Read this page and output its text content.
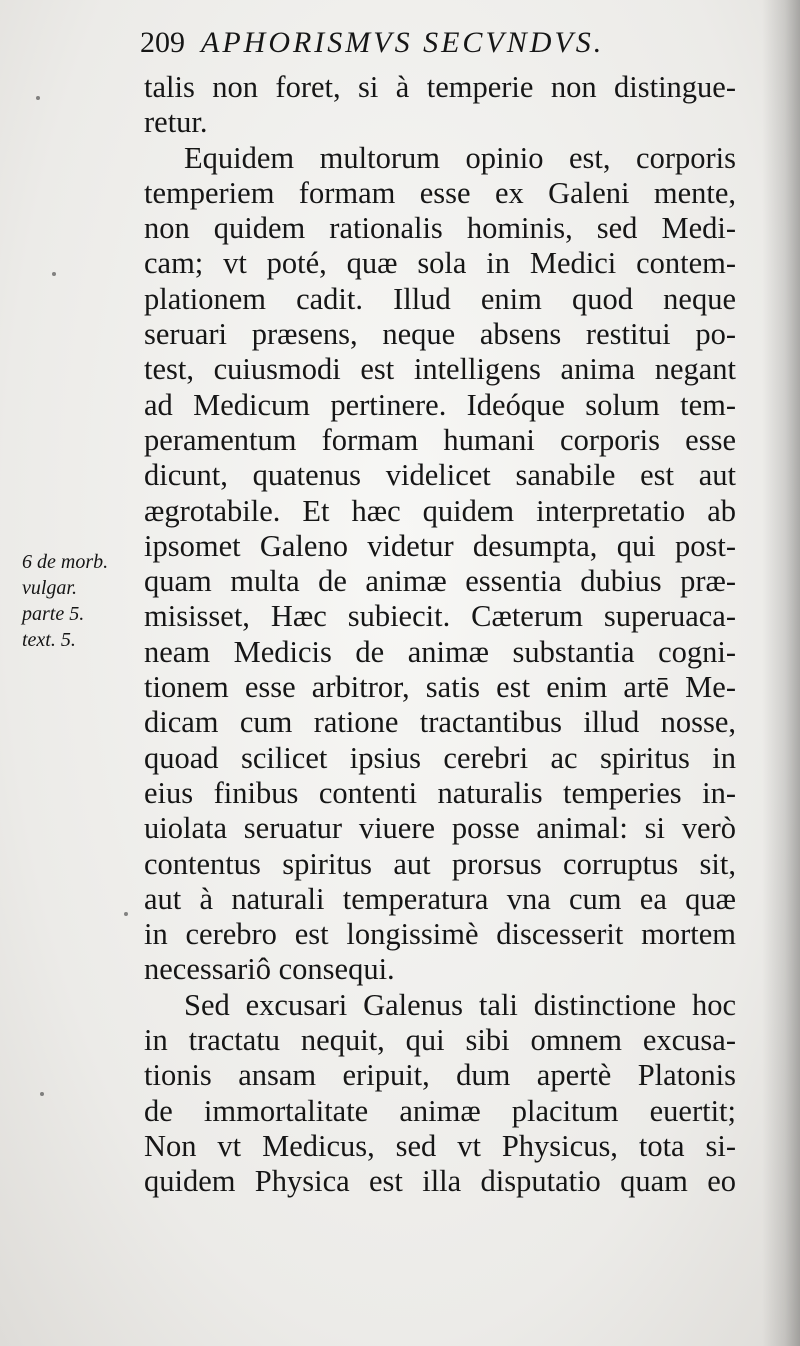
209 APHORISMVS SECVNDVS.
6 de morb.
vulgar.
parte 5.
text. 5.
talis non foret, si à temperie non distingue-
retur.
Equidem multorum opinio est, corporis
temperiem formam esse ex Galeni mente,
non quidem rationalis hominis, sed Medi-
cam; vt poté, quæ sola in Medici contem-
plationem cadit. Illud enim quod neque
seruari præsens, neque absens restitui po-
test, cuiusmodi est intelligens anima negant
ad Medicum pertinere. Ideóque solum tem-
peramentum formam humani corporis esse
dicunt, quatenus videlicet sanabile est aut
ægrotabile. Et hæc quidem interpretatio ab
ipsomet Galeno videtur desumpta, qui post-
quam multa de animæ essentia dubius præ-
misisset, Hæc subiecit. Cæterum superuaca-
neam Medicis de animæ substantia cogni-
tionem esse arbitror, satis est enim artē Me-
dicam cum ratione tractantibus illud nosse,
quoad scilicet ipsius cerebri ac spiritus in
eius finibus contenti naturalis temperies in-
uiolata seruatur viuere posse animal: si verò
contentus spiritus aut prorsus corruptus sit,
aut à naturali temperatura vna cum ea quæ
in cerebro est longissimè discesserit mortem
necessariô consequi.
Sed excusari Galenus tali distinctione hoc
in tractatu nequit, qui sibi omnem excusa-
tionis ansam eripuit, dum apertè Platonis
de immortalitate animæ placitum euertit;
Non vt Medicus, sed vt Physicus, tota si-
quidem Physica est illa disputatio quam eo
